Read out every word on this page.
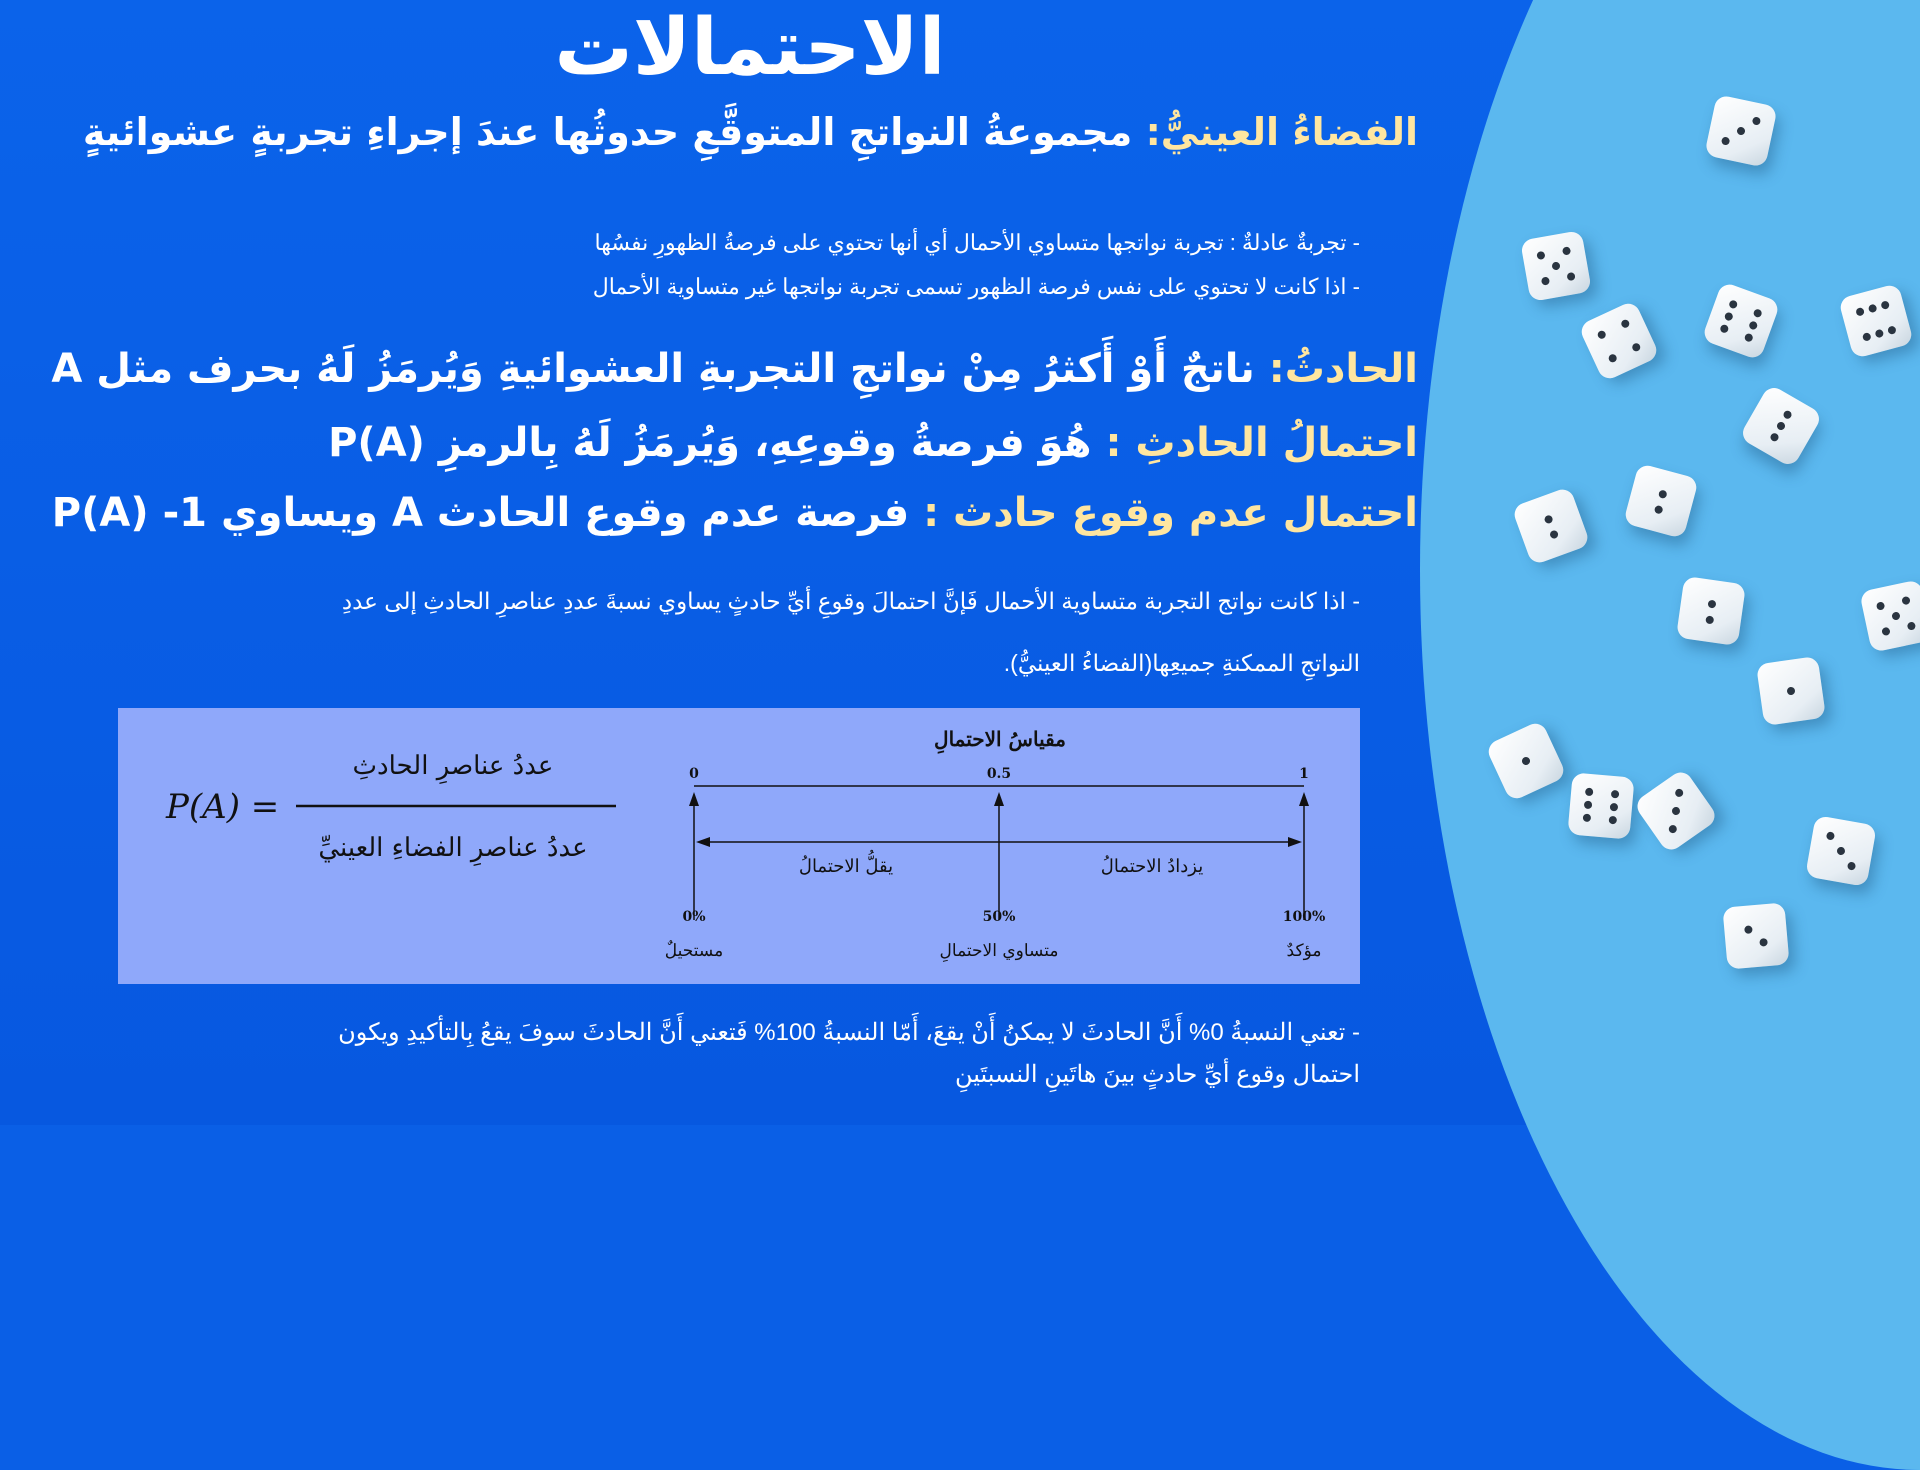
الاحتمالات
الفضاءُ العينيُّ: مجموعةُ النواتجِ المتوقَّعِ حدوثُها عندَ إجراءِ تجربةٍ عشوائيةٍ
- تجربةٌ عادلةٌ : تجربة نواتجها متساوي الأحمال أي أنها تحتوي على فرصةُ الظهورِ نفسُها
- اذا كانت لا تحتوي على نفس فرصة الظهور تسمى تجربة نواتجها غير متساوية الأحمال
الحادثُ: ناتجٌ أَوْ أَكثرُ مِنْ نواتجِ التجربةِ العشوائيةِ وَيُرمَزُ لَهُ بحرف مثل A
احتمالُ الحادثِ : هُوَ فرصةُ وقوعِهِ، وَيُرمَزُ لَهُ بِالرمزِ P(A)
احتمال عدم وقوع حادث : فرصة عدم وقوع الحادث A ويساوي 1- P(A)
- اذا كانت نواتج التجربة متساوية الأحمال فَإنَّ احتمالَ وقوعِ أيِّ حادثٍ يساوي نسبةَ عددِ عناصرِ الحادثِ إلى عددِ
النواتجِ الممكنةِ جميعِها(الفضاءُ العينيُّ).
P(A) =
عددُ عناصرِ الحادثِ
عددُ عناصرِ الفضاءِ العينيِّ
مقياسُ الاحتمالِ
0	0.5	1
يقلُّ الاحتمالُ	يزدادُ الاحتمالُ
0%	50%	100%
مستحيلٌ	متساوي الاحتمالِ	مؤكدٌ
- تعني النسبةُ 0% أَنَّ الحادثَ لا يمكنُ أَنْ يقعَ، أَمّا النسبةُ 100% فَتعني أَنَّ الحادثَ سوفَ يقعُ بِالتأكيدِ ويكون
احتمال وقوع أيِّ حادثٍ بينَ هاتَينِ النسبتَينِ
